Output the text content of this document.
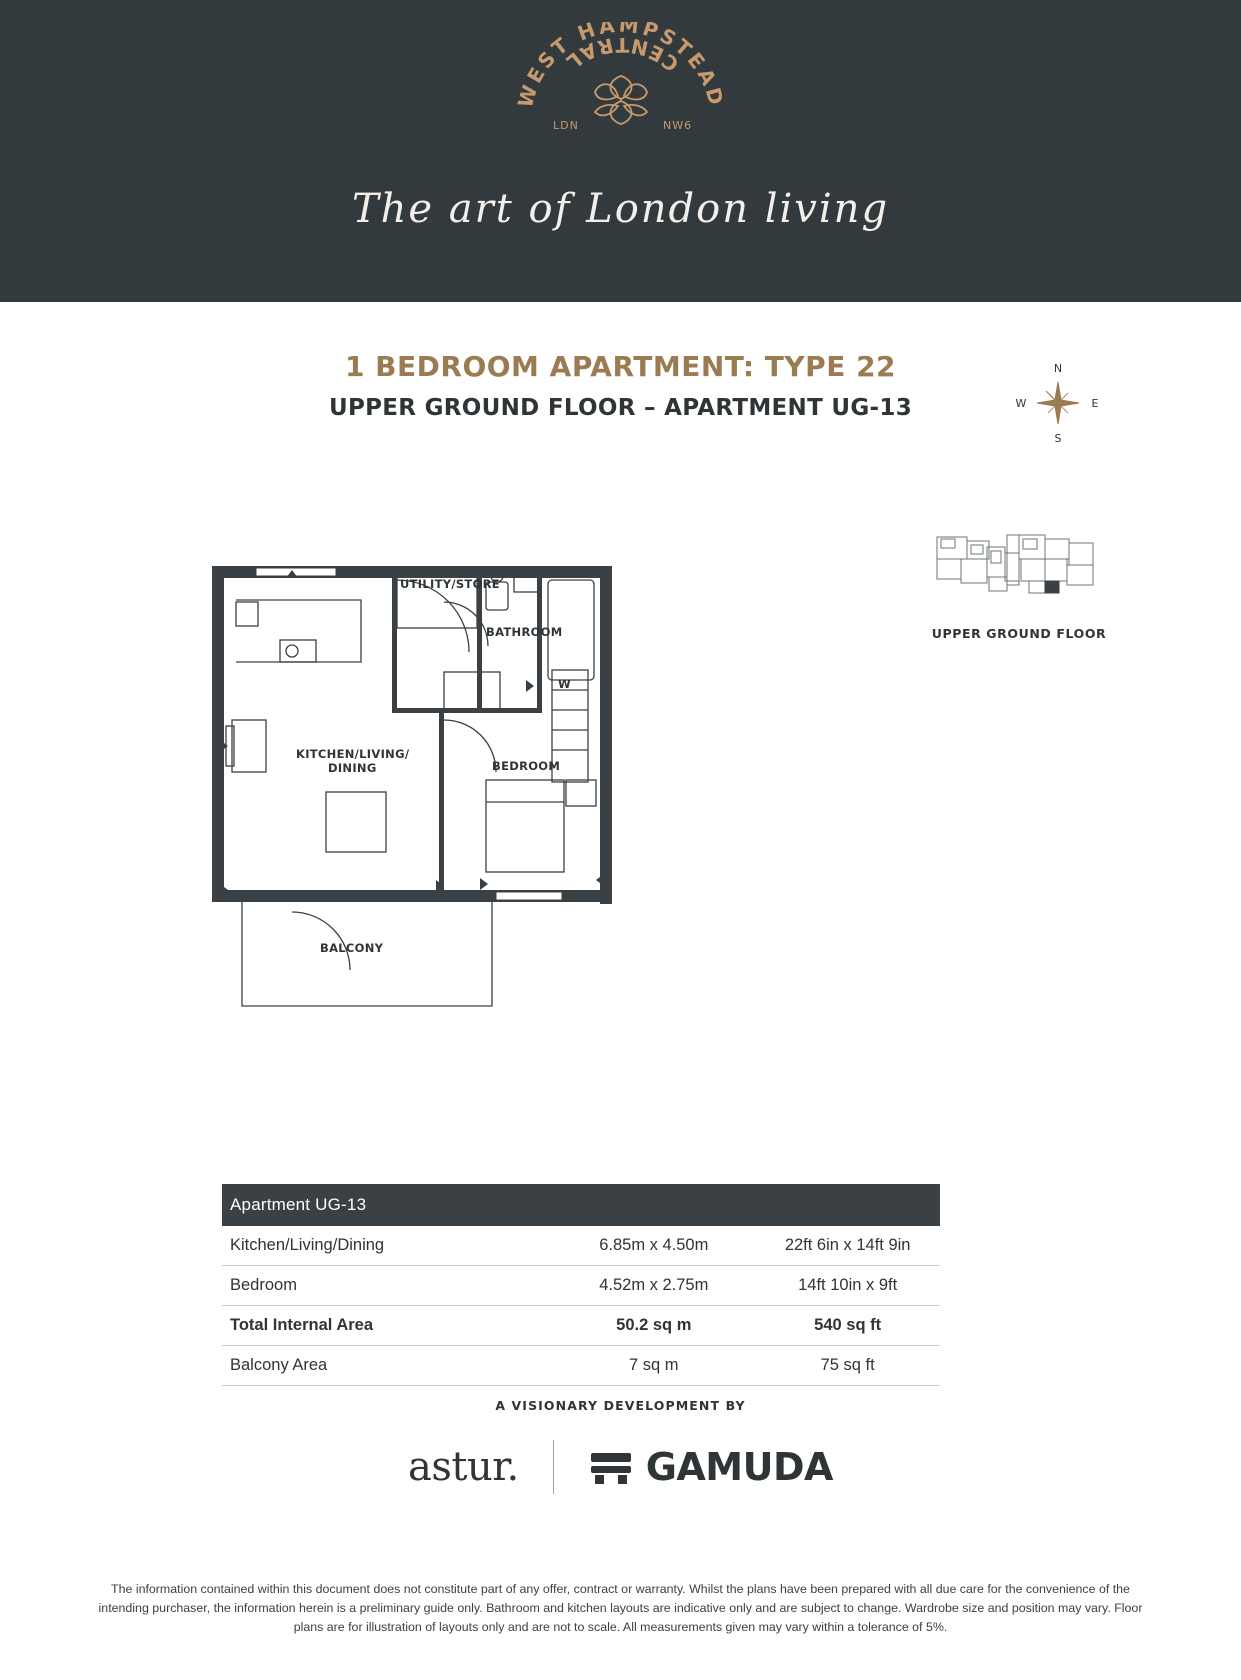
WEST HAMPSTEAD
CENTRAL
LDN	NW6
The art of London living
1 BEDROOM APARTMENT: TYPE 22
UPPER GROUND FLOOR – APARTMENT UG-13
N
S
E
W
UPPER GROUND FLOOR
UTILITY/STORE
BATHROOM
KITCHEN/LIVING/
DINING	BEDROOM
BALCONY
W
Apartment UG-13
Kitchen/Living/Dining	6.85m x 4.50m	22ft 6in x 14ft 9in
Bedroom	4.52m x 2.75m	14ft 10in x 9ft
Total Internal Area	50.2 sq m	540 sq ft
Balcony Area	7 sq m	75 sq ft
A VISIONARY DEVELOPMENT BY
astur.	GAMUDA
The information contained within this document does not constitute part of any offer, contract or warranty. Whilst the plans have been prepared with all due care for the convenience of the intending purchaser, the information herein is a preliminary guide only. Bathroom and kitchen layouts are indicative only and are subject to change. Wardrobe size and position may vary. Floor plans are for illustration of layouts only and are not to scale. All measurements given may vary within a tolerance of 5%.
